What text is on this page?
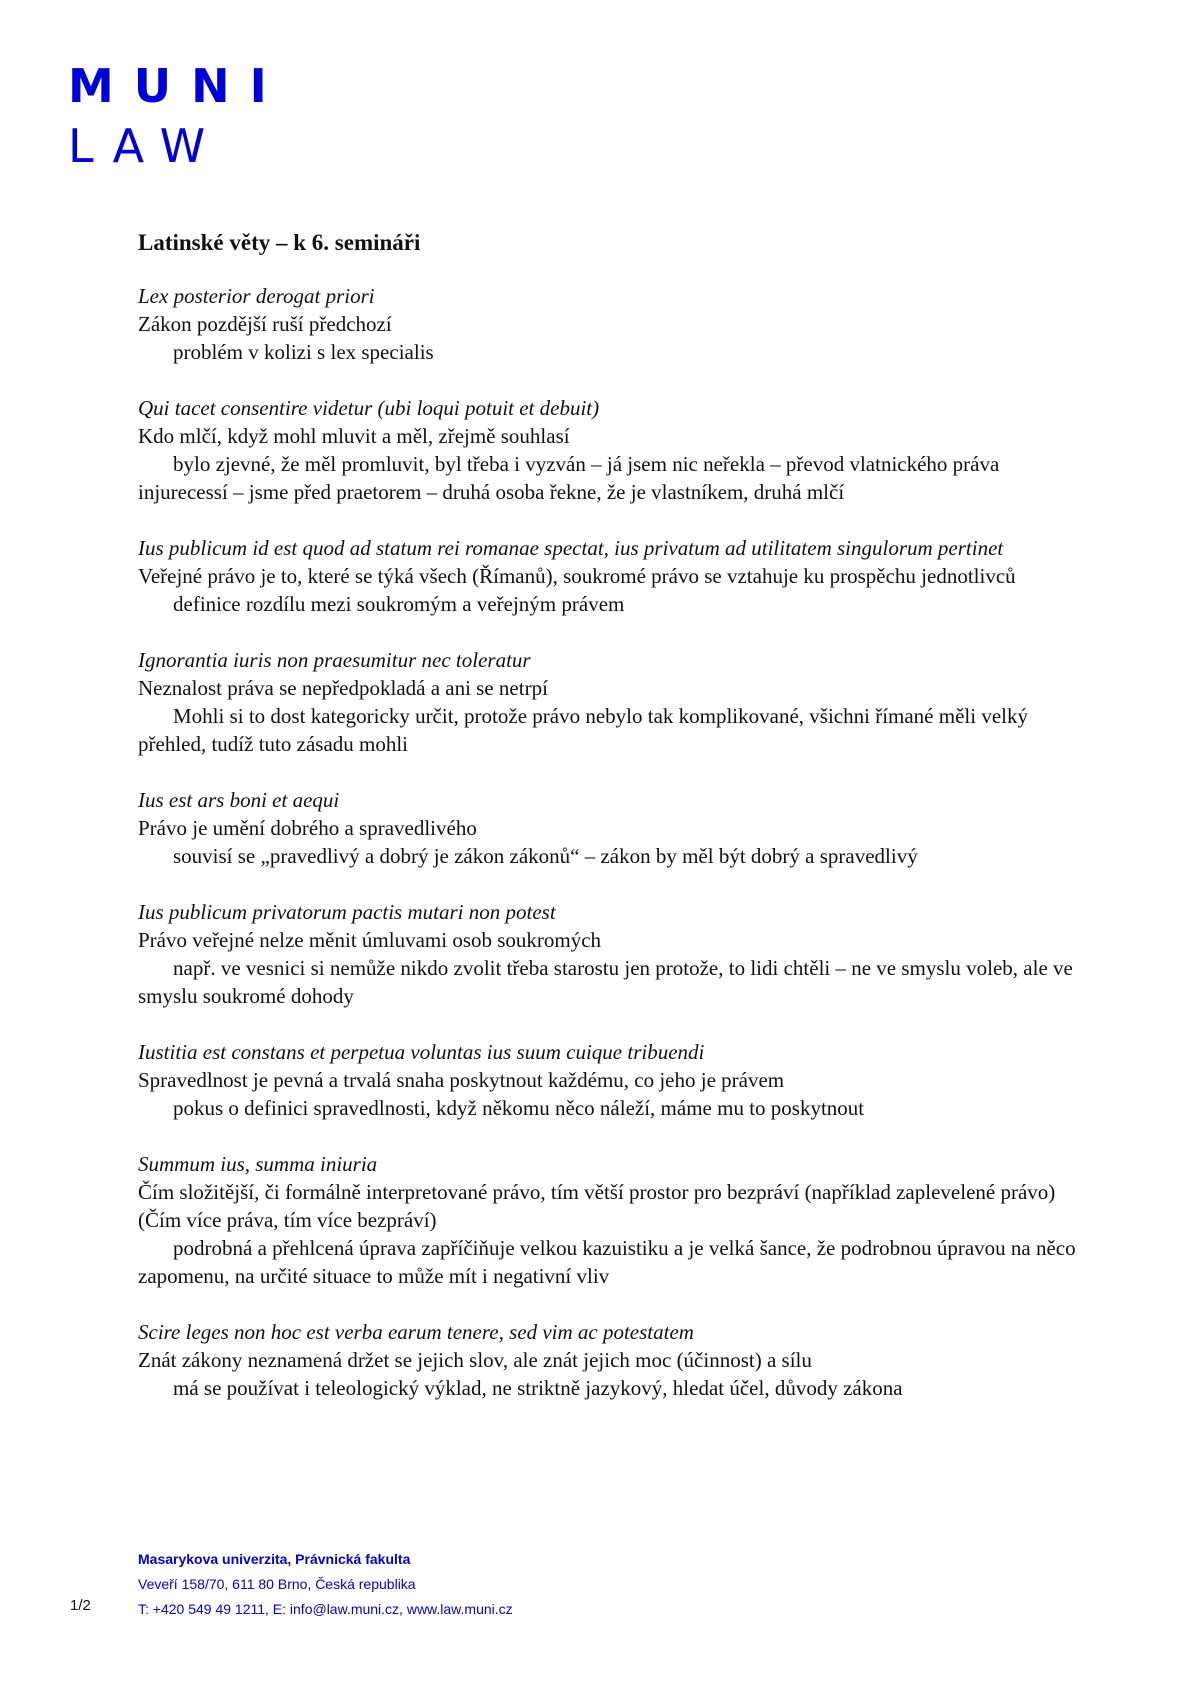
MUNI
LAW
Latinské věty – k 6. semináři
Lex posterior derogat priori
Zákon pozdější ruší předchozí
problém v kolizi s lex specialis
Qui tacet consentire videtur (ubi loqui potuit et debuit)
Kdo mlčí, když mohl mluvit a měl, zřejmě souhlasí
bylo zjevné, že měl promluvit, byl třeba i vyzván – já jsem nic neřekla – převod vlatnického práva injurecessí – jsme před praetorem – druhá osoba řekne, že je vlastníkem, druhá mlčí
Ius publicum id est quod ad statum rei romanae spectat, ius privatum ad utilitatem singulorum pertinet
Veřejné právo je to, které se týká všech (Římanů), soukromé právo se vztahuje ku prospěchu jednotlivců
definice rozdílu mezi soukromým a veřejným právem
Ignorantia iuris non praesumitur nec toleratur
Neznalost práva se nepředpokladá a ani se netrpí
Mohli si to dost kategoricky určit, protože právo nebylo tak komplikované, všichni římané měli velký přehled, tudíž tuto zásadu mohli
Ius est ars boni et aequi
Právo je umění dobrého a spravedlivého
souvisí se „pravedlivý a dobrý je zákon zákonů“ – zákon by měl být dobrý a spravedlivý
Ius publicum privatorum pactis mutari non potest
Právo veřejné nelze měnit úmluvami osob soukromých
např. ve vesnici si nemůže nikdo zvolit třeba starostu jen protože, to lidi chtěli – ne ve smyslu voleb, ale ve smyslu soukromé dohody
Iustitia est constans et perpetua voluntas ius suum cuique tribuendi
Spravedlnost je pevná a trvalá snaha poskytnout každému, co jeho je právem
pokus o definici spravedlnosti, když někomu něco náleží, máme mu to poskytnout
Summum ius, summa iniuria
Čím složitější, či formálně interpretované právo, tím větší prostor pro bezpráví (například zaplevelené právo) (Čím více práva, tím více bezpráví)
podrobná a přehlcená úprava zapříčiňuje velkou kazuistiku a je velká šance, že podrobnou úpravou na něco zapomenu, na určité situace to může mít i negativní vliv
Scire leges non hoc est verba earum tenere, sed vim ac potestatem
Znát zákony neznamená držet se jejich slov, ale znát jejich moc (účinnost) a sílu
má se používat i teleologický výklad, ne striktně jazykový, hledat účel, důvody zákona
Masarykova univerzita, Právnická fakulta
Veveří 158/70, 611 80 Brno, Česká republika
T: +420 549 49 1211, E: info@law.muni.cz, www.law.muni.cz
1/2
